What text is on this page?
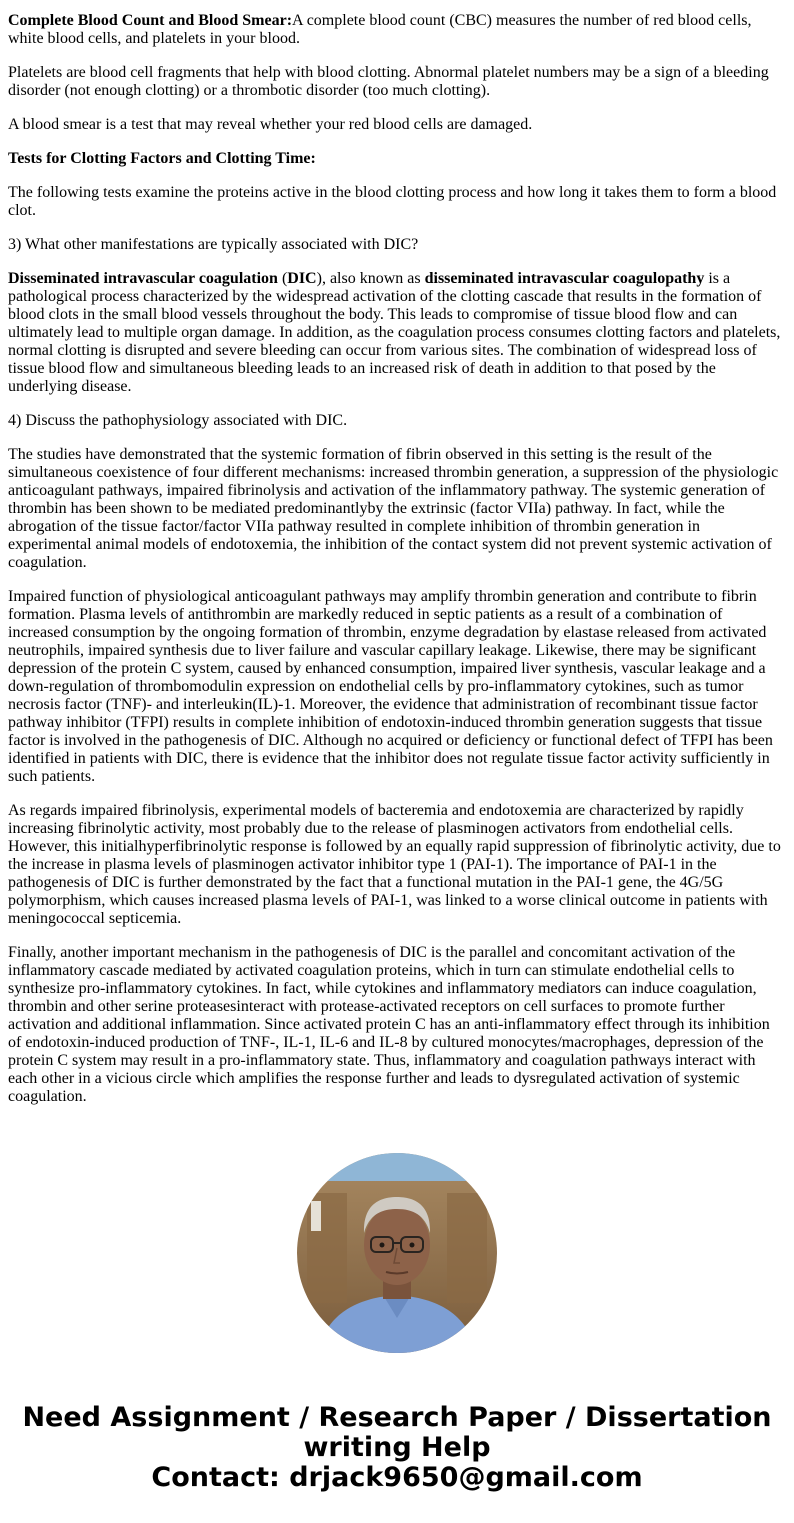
Complete Blood Count and Blood Smear:A complete blood count (CBC) measures the number of red blood cells, white blood cells, and platelets in your blood.

Platelets are blood cell fragments that help with blood clotting. Abnormal platelet numbers may be a sign of a bleeding disorder (not enough clotting) or a thrombotic disorder (too much clotting).

A blood smear is a test that may reveal whether your red blood cells are damaged.

Tests for Clotting Factors and Clotting Time:

The following tests examine the proteins active in the blood clotting process and how long it takes them to form a blood clot.

3) What other manifestations are typically associated with DIC?

Disseminated intravascular coagulation (DIC), also known as disseminated intravascular coagulopathy is a pathological process characterized by the widespread activation of the clotting cascade that results in the formation of blood clots in the small blood vessels throughout the body. This leads to compromise of tissue blood flow and can ultimately lead to multiple organ damage. In addition, as the coagulation process consumes clotting factors and platelets, normal clotting is disrupted and severe bleeding can occur from various sites. The combination of widespread loss of tissue blood flow and simultaneous bleeding leads to an increased risk of death in addition to that posed by the underlying disease.

4) Discuss the pathophysiology associated with DIC.

The studies have demonstrated that the systemic formation of fibrin observed in this setting is the result of the simultaneous coexistence of four different mechanisms: increased thrombin generation, a suppression of the physiologic anticoagulant pathways, impaired fibrinolysis and activation of the inflammatory pathway. The systemic generation of thrombin has been shown to be mediated predominantlyby the extrinsic (factor VIIa) pathway. In fact, while the abrogation of the tissue factor/factor VIIa pathway resulted in complete inhibition of thrombin generation in experimental animal models of endotoxemia, the inhibition of the contact system did not prevent systemic activation of coagulation.

Impaired function of physiological anticoagulant pathways may amplify thrombin generation and contribute to fibrin formation. Plasma levels of antithrombin are markedly reduced in septic patients as a result of a combination of increased consumption by the ongoing formation of thrombin, enzyme degradation by elastase released from activated neutrophils, impaired synthesis due to liver failure and vascular capillary leakage. Likewise, there may be significant depression of the protein C system, caused by enhanced consumption, impaired liver synthesis, vascular leakage and a down-regulation of thrombomodulin expression on endothelial cells by pro-inflammatory cytokines, such as tumor necrosis factor (TNF)- and interleukin(IL)-1. Moreover, the evidence that administration of recombinant tissue factor pathway inhibitor (TFPI) results in complete inhibition of endotoxin-induced thrombin generation suggests that tissue factor is involved in the pathogenesis of DIC. Although no acquired or deficiency or functional defect of TFPI has been identified in patients with DIC, there is evidence that the inhibitor does not regulate tissue factor activity sufficiently in such patients.

As regards impaired fibrinolysis, experimental models of bacteremia and endotoxemia are characterized by rapidly increasing fibrinolytic activity, most probably due to the release of plasminogen activators from endothelial cells. However, this initialhyperfibrinolytic response is followed by an equally rapid suppression of fibrinolytic activity, due to the increase in plasma levels of plasminogen activator inhibitor type 1 (PAI-1). The importance of PAI-1 in the pathogenesis of DIC is further demonstrated by the fact that a functional mutation in the PAI-1 gene, the 4G/5G polymorphism, which causes increased plasma levels of PAI-1, was linked to a worse clinical outcome in patients with meningococcal septicemia.

Finally, another important mechanism in the pathogenesis of DIC is the parallel and concomitant activation of the inflammatory cascade mediated by activated coagulation proteins, which in turn can stimulate endothelial cells to synthesize pro-inflammatory cytokines. In fact, while cytokines and inflammatory mediators can induce coagulation, thrombin and other serine proteasesinteract with protease-activated receptors on cell surfaces to promote further activation and additional inflammation. Since activated protein C has an anti-inflammatory effect through its inhibition of endotoxin-induced production of TNF-, IL-1, IL-6 and IL-8 by cultured monocytes/macrophages, depression of the protein C system may result in a pro-inflammatory state. Thus, inflammatory and coagulation pathways interact with each other in a vicious circle which amplifies the response further and leads to dysregulated activation of systemic coagulation.

Need Assignment / Research Paper / Dissertation
writing Help
Contact: drjack9650@gmail.com
